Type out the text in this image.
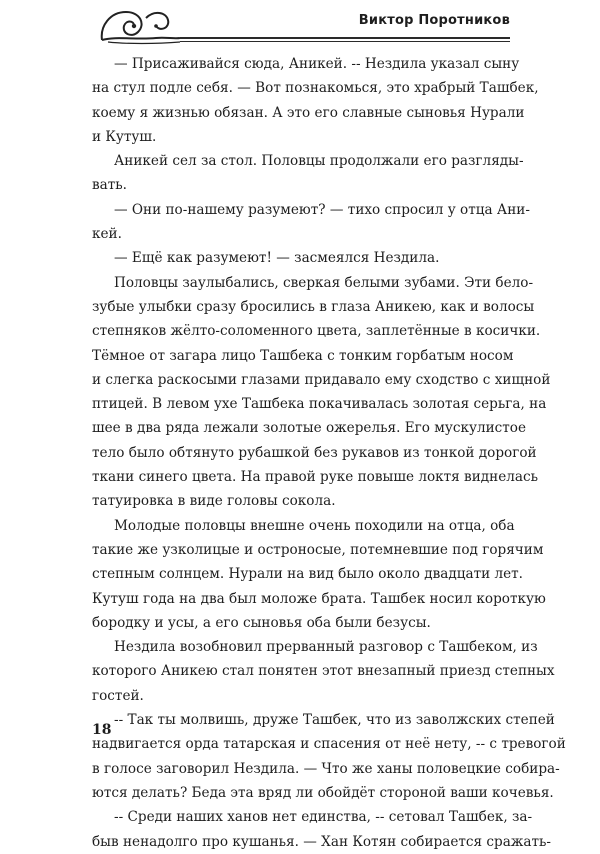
Виктор Поротников
— Присаживайся сюда, Аникей. -- Нездила указал сыну
на стул подле себя. — Вот познакомься, это храбрый Ташбек,
коему я жизнью обязан. А это его славные сыновья Нурали
и Кутуш.
Аникей сел за стол. Половцы продолжали его разгляды-
вать.
— Они по-нашему разумеют? — тихо спросил у отца Ани-
кей.
— Ещё как разумеют! — засмеялся Нездила.
Половцы заулыбались, сверкая белыми зубами. Эти бело-
зубые улыбки сразу бросились в глаза Аникею, как и волосы
степняков жёлто-соломенного цвета, заплетённые в косички.
Тёмное от загара лицо Ташбека с тонким горбатым носом
и слегка раскосыми глазами придавало ему сходство с хищной
птицей. В левом ухе Ташбека покачивалась золотая серьга, на
шее в два ряда лежали золотые ожерелья. Его мускулистое
тело было обтянуто рубашкой без рукавов из тонкой дорогой
ткани синего цвета. На правой руке повыше локтя виднелась
татуировка в виде головы сокола.
Молодые половцы внешне очень походили на отца, оба
такие же узколицые и остроносые, потемневшие под горячим
степным солнцем. Нурали на вид было около двадцати лет.
Кутуш года на два был моложе брата. Ташбек носил короткую
бородку и усы, а его сыновья оба были безусы.
Нездила возобновил прерванный разговор с Ташбеком, из
которого Аникею стал понятен этот внезапный приезд степных
гостей.
-- Так ты молвишь, друже Ташбек, что из заволжских степей
надвигается орда татарская и спасения от неё нету, -- с тревогой
в голосе заговорил Нездила. — Что же ханы половецкие собира-
ются делать? Беда эта вряд ли обойдёт стороной ваши кочевья.
-- Среди наших ханов нет единства, -- сетовал Ташбек, за-
быв ненадолго про кушанья. — Хан Котян собирается сражать-
18
